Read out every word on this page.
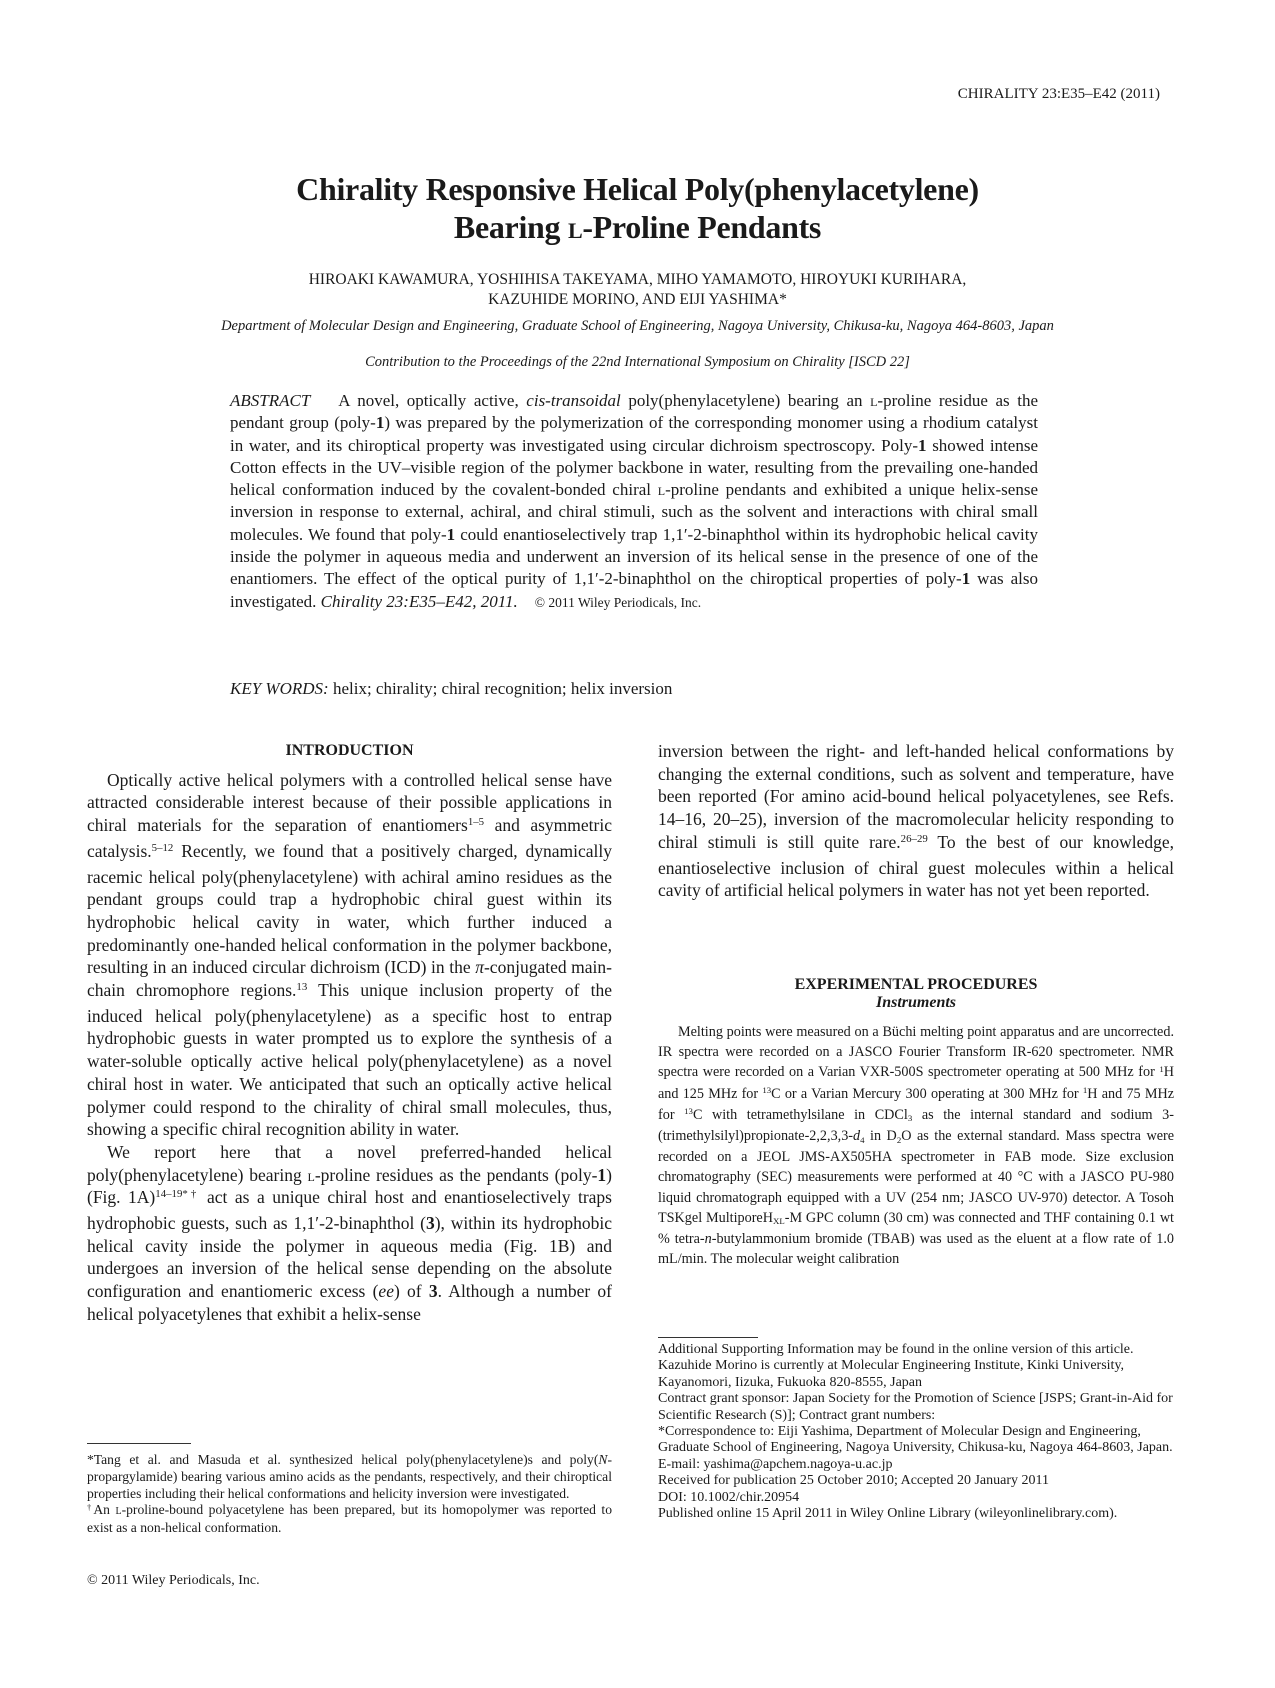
CHIRALITY 23:E35–E42 (2011)
Chirality Responsive Helical Poly(phenylacetylene)
Bearing l-Proline Pendants
HIROAKI KAWAMURA, YOSHIHISA TAKEYAMA, MIHO YAMAMOTO, HIROYUKI KURIHARA,
KAZUHIDE MORINO, AND EIJI YASHIMA*
Department of Molecular Design and Engineering, Graduate School of Engineering, Nagoya University, Chikusa-ku, Nagoya 464-8603, Japan
Contribution to the Proceedings of the 22nd International Symposium on Chirality [ISCD 22]
ABSTRACT A novel, optically active, cis-transoidal poly(phenylacetylene) bearing an l-proline residue as the pendant group (poly-1) was prepared by the polymerization of the corresponding monomer using a rhodium catalyst in water, and its chiroptical property was investigated using circular dichroism spectroscopy. Poly-1 showed intense Cotton effects in the UV–visible region of the polymer backbone in water, resulting from the prevailing one-handed helical conformation induced by the covalent-bonded chiral l-proline pendants and exhibited a unique helix-sense inversion in response to external, achiral, and chiral stimuli, such as the solvent and interactions with chiral small molecules. We found that poly-1 could enantioselectively trap 1,1′-2-binaphthol within its hydrophobic helical cavity inside the polymer in aqueous media and underwent an inversion of its helical sense in the presence of one of the enantiomers. The effect of the optical purity of 1,1′-2-binaphthol on the chiroptical properties of poly-1 was also investigated. Chirality 23:E35–E42, 2011. © 2011 Wiley Periodicals, Inc.
KEY WORDS: helix; chirality; chiral recognition; helix inversion
INTRODUCTION

Optically active helical polymers with a controlled helical sense have attracted considerable interest because of their possible applications in chiral materials for the separation of enantiomers$^{1-5}$ and asymmetric catalysis.$^{5-12}$ Recently, we found that a positively charged, dynamically racemic helical poly(phenylacetylene) with achiral amino residues as the pendant groups could trap a hydrophobic chiral guest within its hydrophobic helical cavity in water, which further induced a predominantly one-handed helical conformation in the polymer backbone, resulting in an induced circular dichroism (ICD) in the π-conjugated main-chain chromophore regions.$^{13}$ This unique inclusion property of the induced helical poly(phenylacetylene) as a specific host to entrap hydrophobic guests in water prompted us to explore the synthesis of a water-soluble optically active helical poly(phenylacetylene) as a novel chiral host in water. We anticipated that such an optically active helical polymer could respond to the chirality of chiral small molecules, thus, showing a specific chiral recognition ability in water.

We report here that a novel preferred-handed helical poly(phenylacetylene) bearing l-proline residues as the pendants (poly-1) (Fig. 1A)$^{14-19*\dagger}$ act as a unique chiral host and enantioselectively traps hydrophobic guests, such as 1,1′-2-binaphthol (3), within its hydrophobic helical cavity inside the polymer in aqueous media (Fig. 1B) and undergoes an inversion of the helical sense depending on the absolute configuration and enantiomeric excess (ee) of 3. Although a number of helical polyacetylenes that exhibit a helix-sense

*Tang et al. and Masuda et al. synthesized helical poly(phenylacetylene)s and poly(N-propargylamide) bearing various amino acids as the pendants, respectively, and their chiroptical properties including their helical conformations and helicity inversion were investigated.

†An l-proline-bound polyacetylene has been prepared, but its homopolymer was reported to exist as a non-helical conformation.

© 2011 Wiley Periodicals, Inc.

inversion between the right- and left-handed helical conformations by changing the external conditions, such as solvent and temperature, have been reported (For amino acid-bound helical polyacetylenes, see Refs. 14–16, 20–25), inversion of the macromolecular helicity responding to chiral stimuli is still quite rare.$^{26-29}$ To the best of our knowledge, enantioselective inclusion of chiral guest molecules within a helical cavity of artificial helical polymers in water has not yet been reported.

EXPERIMENTAL PROCEDURES
Instruments

Melting points were measured on a Büchi melting point apparatus and are uncorrected. IR spectra were recorded on a JASCO Fourier Transform IR-620 spectrometer. NMR spectra were recorded on a Varian VXR-500S spectrometer operating at 500 MHz for $^1$H and 125 MHz for $^{13}$C or a Varian Mercury 300 operating at 300 MHz for $^1$H and 75 MHz for $^{13}$C with tetramethylsilane in CDCl$_3$ as the internal standard and sodium $3-(trimethylsilyl)propionate-2,2,3,3-d_4$ in $D_2O$ as the external standard. Mass spectra were recorded on a JEOL JMS-AX505HA spectrometer in FAB mode. Size exclusion chromatography (SEC) measurements were performed at 40 °C with a JASCO PU-980 liquid chromatograph equipped with a UV (254 nm; JASCO UV-970) detector. A Tosoh TSKgel MultiporeH$_{XL}$-M GPC column (30 cm) was connected and THF containing 0.1 wt % tetra-n-butylammonium bromide (TBAB) was used as the eluent at a flow rate of 1.0 mL/min. The molecular weight calibration

Additional Supporting Information may be found in the online version of this article.

Kazuhide Morino is currently at Molecular Engineering Institute, Kinki University, Kayanomori, Iizuka, Fukuoka 820-8555, Japan

Contract grant sponsor: Japan Society for the Promotion of Science [JSPS; Grant-in-Aid for Scientific Research (S)]; Contract grant numbers:

*Correspondence to: Eiji Yashima, Department of Molecular Design and Engineering, Graduate School of Engineering, Nagoya University, Chikusa-ku, Nagoya 464-8603, Japan. E-mail: yashima@apchem.nagoya-u.ac.jp

Received for publication 25 October 2010; Accepted 20 January 2011

DOI: 10.1002/chir.20954

Published online 15 April 2011 in Wiley Online Library (wileyonlinelibrary.com).
